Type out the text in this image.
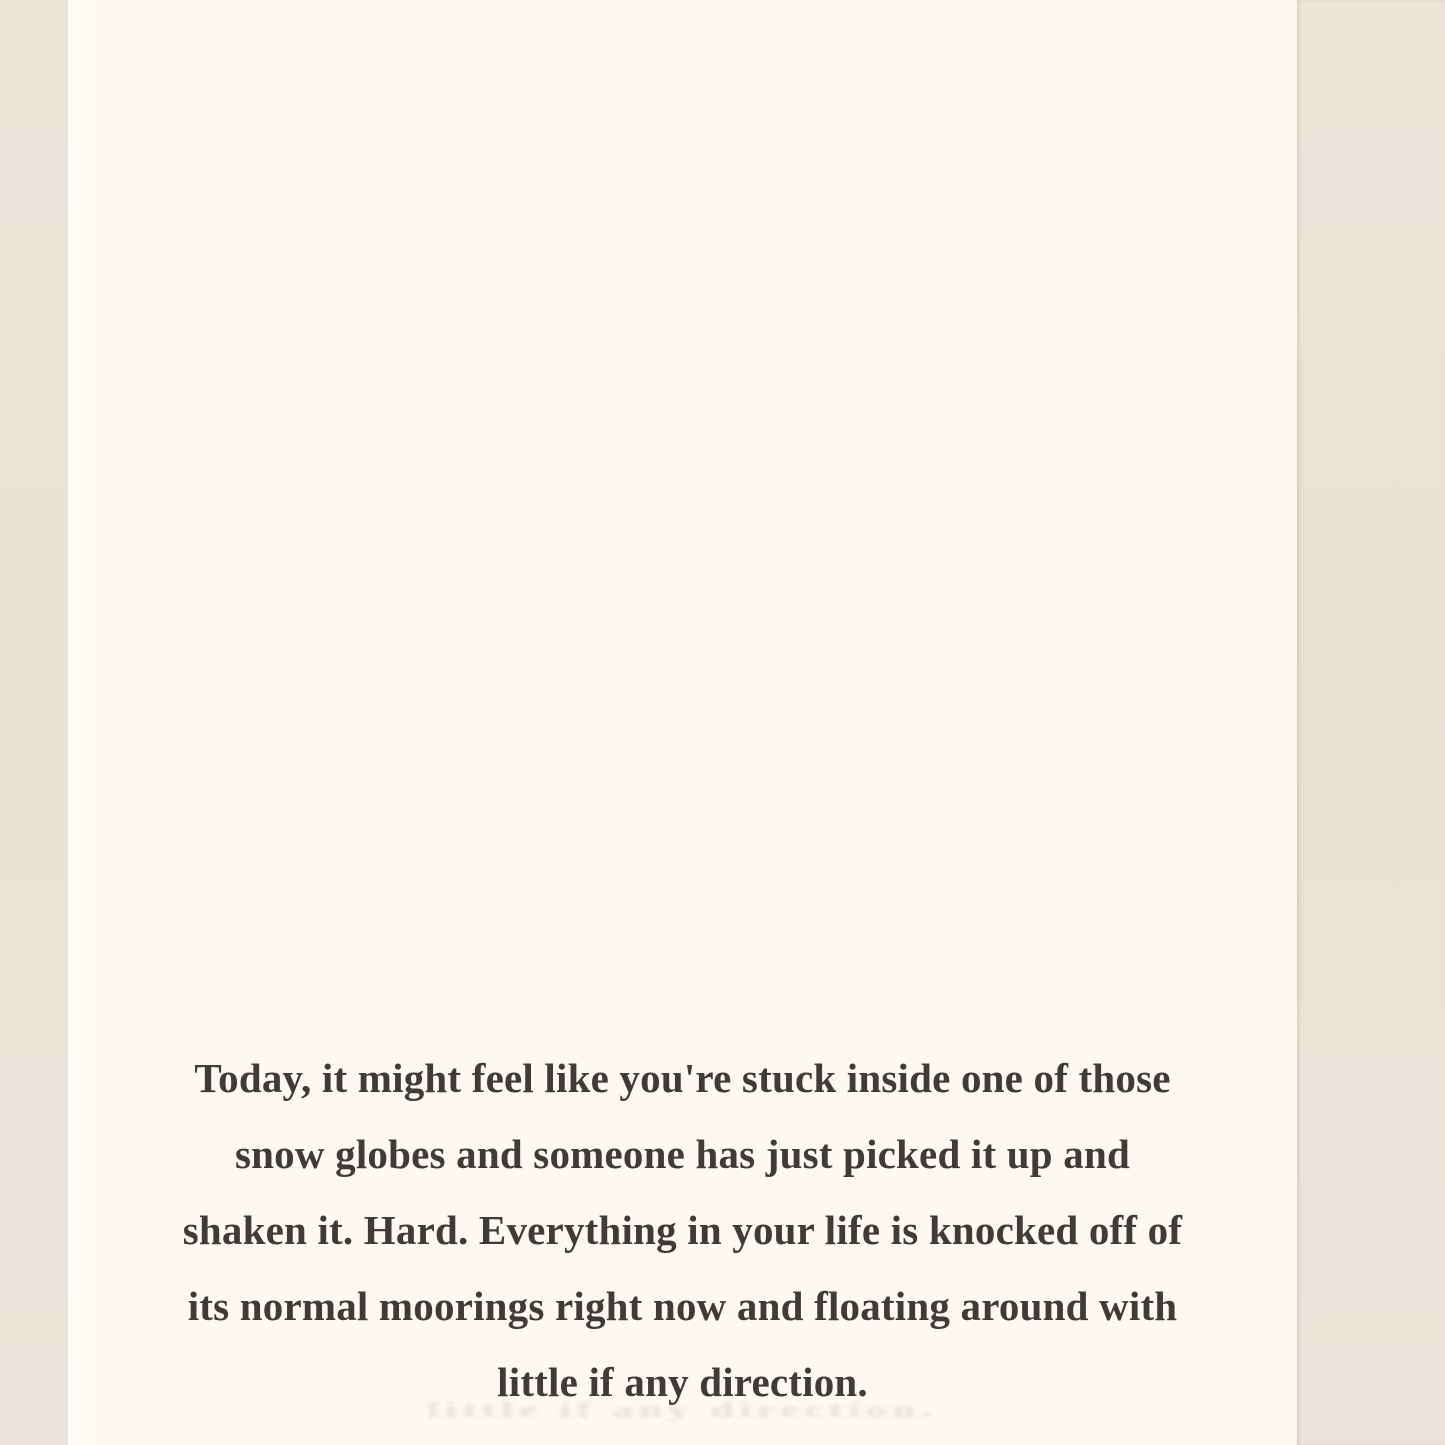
Today, it might feel like you're stuck inside one of those
snow globes and someone has just picked it up and
shaken it. Hard. Everything in your life is knocked off of
its normal moorings right now and floating around with
little if any direction.
little if any direction.
